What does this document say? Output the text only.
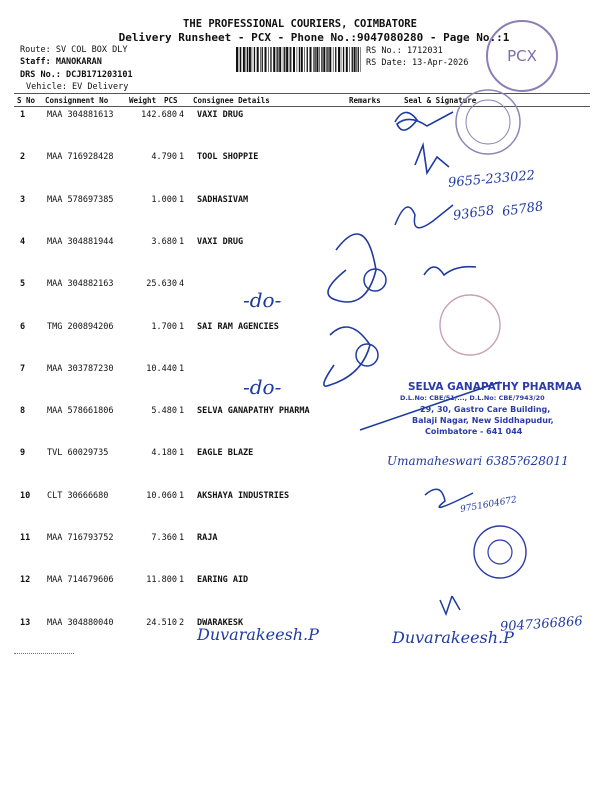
THE PROFESSIONAL COURIERS, COIMBATORE
Delivery Runsheet - PCX - Phone No.:9047080280 - Page No.:1
Route: SV COL BOX DLY
Staff: MANOKARAN
DRS No.: DCJB171203101
Vehicle: EV Delivery
RS No.: 1712031
RS Date: 13-Apr-2026	PCX
S No Consignment No	Weight PCS Consignee Details	Remarks	Seal & Signature
1	MAA 304881613	142.680 4 VAXI DRUG
2	MAA 716928428	4.790 1 TOOL SHOPPIE
3	MAA 578697385	1.000 1 SADHASIVAM
4	MAA 304881944	3.680 1 VAXI DRUG
5	MAA 304882163	25.630 4
6	TMG 200894206	1.700 1 SAI RAM AGENCIES
7	MAA 303787230	10.440 1
8	MAA 578661806	5.480 1 SELVA GANAPATHY PHARMA
9	TVL 60029735	4.180 1 EAGLE BLAZE
10 CLT 30666680	10.060 1 AKSHAYA INDUSTRIES
11 MAA 716793752	7.360 1 RAJA
12 MAA 714679606	11.800 1 EARING AID
13 MAA 304880040	24.510 2 DWARAKESK
-do-
-do-
9655-233022
93658 65788
Umamaheswari 6385?628011
9751604672
9047366866
Duvarakeesh.P	Duvarakeesh.P
SELVA GANAPATHY PHARMAA
D.L.No: CBE/51/..., D.L.No: CBE/7943/20
29, 30, Gastro Care Building,
Balaji Nagar, New Siddhapudur,
Coimbatore - 641 044
